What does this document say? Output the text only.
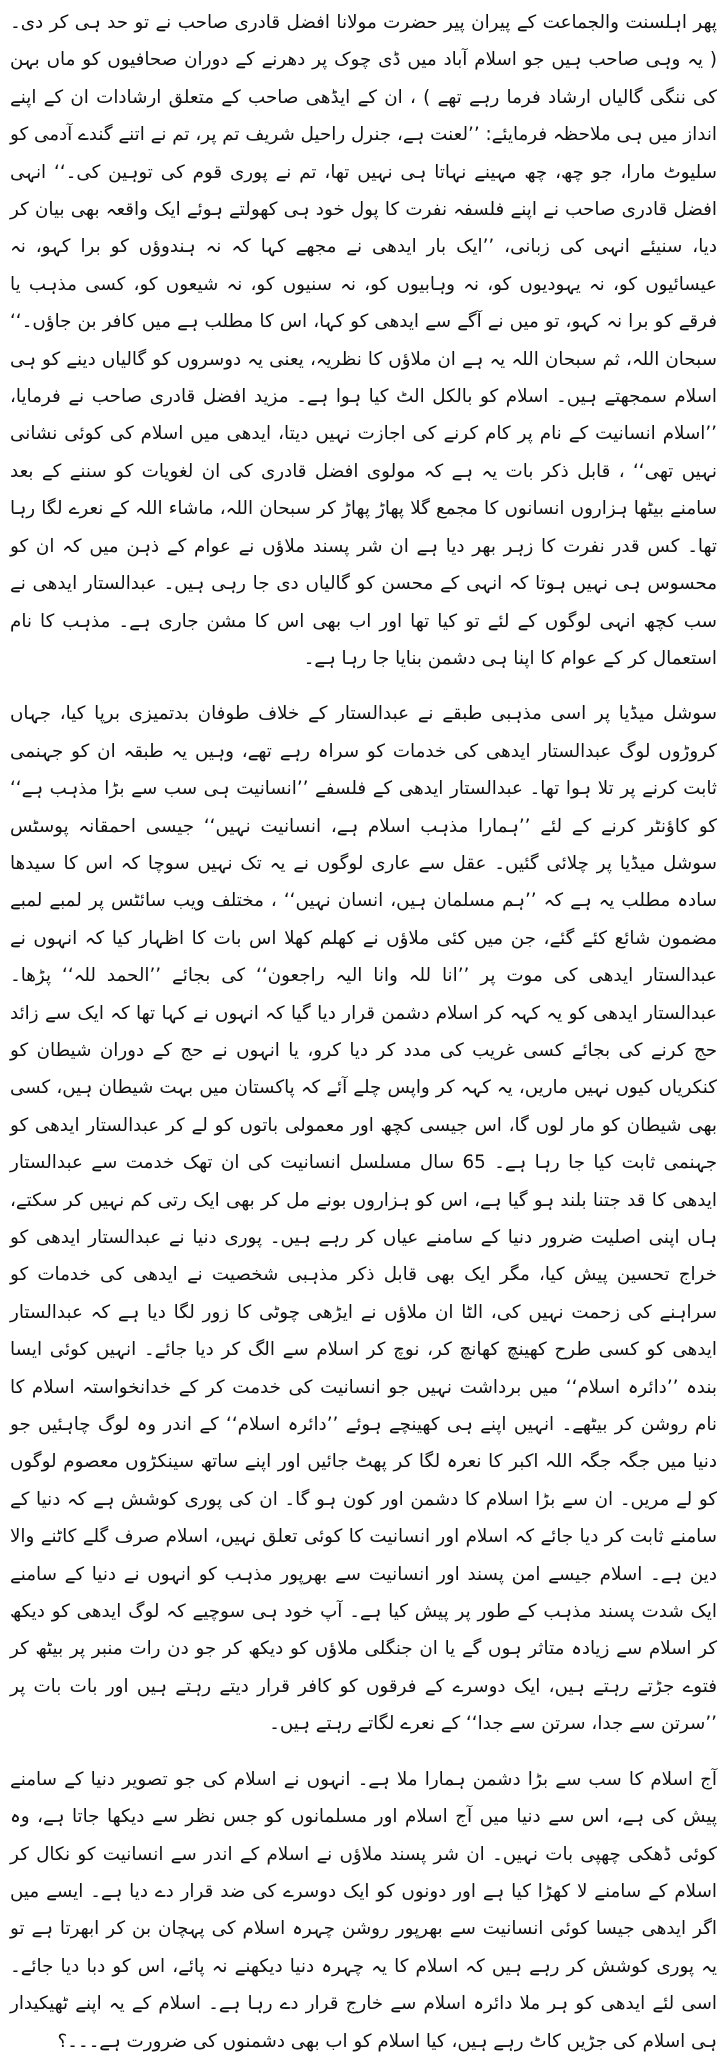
پھر اہلسنت والجماعت کے پیران پیر حضرت مولانا افضل قادری صاحب نے تو حد ہی کر دی۔ ( یہ وہی صاحب ہیں جو اسلام آباد میں ڈی چوک پر دھرنے کے دوران صحافیوں کو ماں بہن کی ننگی گالیاں ارشاد فرما رہے تھے ) ، ان کے ایڈھی صاحب کے متعلق ارشادات ان کے اپنے انداز میں ہی ملاحظہ فرمایئے: ’’لعنت ہے، جنرل راحیل شریف تم پر، تم نے اتنے گندے آدمی کو سلیوٹ مارا، جو چھ، چھ مہینے نہاتا ہی نہیں تھا، تم نے پوری قوم کی توہین کی۔‘‘ انہی افضل قادری صاحب نے اپنے فلسفہ نفرت کا پول خود ہی کھولتے ہوئے ایک واقعہ بھی بیان کر دیا، سنیئے انہی کی زبانی، ’’ایک بار ایدھی نے مجھے کہا کہ نہ ہندوؤں کو برا کہو، نہ عیسائیوں کو، نہ یہودیوں کو، نہ وہابیوں کو، نہ سنیوں کو، نہ شیعوں کو، کسی مذہب یا فرقے کو برا نہ کہو، تو میں نے آگے سے ایدھی کو کہا، اس کا مطلب ہے میں کافر بن جاؤں۔‘‘ سبحان اللہ، ثم سبحان اللہ یہ ہے ان ملاؤں کا نظریہ، یعنی یہ دوسروں کو گالیاں دینے کو ہی اسلام سمجھتے ہیں۔ اسلام کو بالکل الٹ کیا ہوا ہے۔ مزید افضل قادری صاحب نے فرمایا، ’’اسلام انسانیت کے نام پر کام کرنے کی اجازت نہیں دیتا، ایدھی میں اسلام کی کوئی نشانی نہیں تھی‘‘ ، قابل ذکر بات یہ ہے کہ مولوی افضل قادری کی ان لغویات کو سننے کے بعد سامنے بیٹھا ہزاروں انسانوں کا مجمع گلا پھاڑ پھاڑ کر سبحان اللہ، ماشاء اللہ کے نعرے لگا رہا تھا۔ کس قدر نفرت کا زہر بھر دیا ہے ان شر پسند ملاؤں نے عوام کے ذہن میں کہ ان کو محسوس ہی نہیں ہوتا کہ انہی کے محسن کو گالیاں دی جا رہی ہیں۔ عبدالستار ایدھی نے سب کچھ انہی لوگوں کے لئے تو کیا تھا اور اب بھی اس کا مشن جاری ہے۔ مذہب کا نام استعمال کر کے عوام کا اپنا ہی دشمن بنایا جا رہا ہے۔

سوشل میڈیا پر اسی مذہبی طبقے نے عبدالستار کے خلاف طوفان بدتمیزی برپا کیا، جہاں کروڑوں لوگ عبدالستار ایدھی کی خدمات کو سراہ رہے تھے، وہیں یہ طبقہ ان کو جہنمی ثابت کرنے پر تلا ہوا تھا۔ عبدالستار ایدھی کے فلسفے ’’انسانیت ہی سب سے بڑا مذہب ہے‘‘ کو کاؤنٹر کرنے کے لئے ’’ہمارا مذہب اسلام ہے، انسانیت نہیں‘‘ جیسی احمقانہ پوسٹس سوشل میڈیا پر چلائی گئیں۔ عقل سے عاری لوگوں نے یہ تک نہیں سوچا کہ اس کا سیدھا سادہ مطلب یہ ہے کہ ’’ہم مسلمان ہیں، انسان نہیں‘‘ ، مختلف ویب سائٹس پر لمبے لمبے مضمون شائع کئے گئے، جن میں کئی ملاؤں نے کھلم کھلا اس بات کا اظہار کیا کہ انہوں نے عبدالستار ایدھی کی موت پر ’’انا للہ وانا الیہ راجعون‘‘ کی بجائے ’’الحمد للہ‘‘ پڑھا۔ عبدالستار ایدھی کو یہ کہہ کر اسلام دشمن قرار دیا گیا کہ انہوں نے کہا تھا کہ ایک سے زائد حج کرنے کی بجائے کسی غریب کی مدد کر دیا کرو، یا انہوں نے حج کے دوران شیطان کو کنکریاں کیوں نہیں ماریں، یہ کہہ کر واپس چلے آئے کہ پاکستان میں بہت شیطان ہیں، کسی بھی شیطان کو مار لوں گا، اس جیسی کچھ اور معمولی باتوں کو لے کر عبدالستار ایدھی کو جہنمی ثابت کیا جا رہا ہے۔ 65 سال مسلسل انسانیت کی ان تھک خدمت سے عبدالستار ایدھی کا قد جتنا بلند ہو گیا ہے، اس کو ہزاروں بونے مل کر بھی ایک رتی کم نہیں کر سکتے، ہاں اپنی اصلیت ضرور دنیا کے سامنے عیاں کر رہے ہیں۔ پوری دنیا نے عبدالستار ایدھی کو خراج تحسین پیش کیا، مگر ایک بھی قابل ذکر مذہبی شخصیت نے ایدھی کی خدمات کو سراہنے کی زحمت نہیں کی، الٹا ان ملاؤں نے ایڑھی چوٹی کا زور لگا دیا ہے کہ عبدالستار ایدھی کو کسی طرح کھینچ کھانچ کر، نوچ کر اسلام سے الگ کر دیا جائے۔ انہیں کوئی ایسا بندہ ’’دائرہ اسلام‘‘ میں برداشت نہیں جو انسانیت کی خدمت کر کے خدانخواستہ اسلام کا نام روشن کر بیٹھے۔ انہیں اپنے ہی کھینچے ہوئے ’’دائرہ اسلام‘‘ کے اندر وہ لوگ چاہئیں جو دنیا میں جگہ جگہ اللہ اکبر کا نعرہ لگا کر پھٹ جائیں اور اپنے ساتھ سینکڑوں معصوم لوگوں کو لے مریں۔ ان سے بڑا اسلام کا دشمن اور کون ہو گا۔ ان کی پوری کوشش ہے کہ دنیا کے سامنے ثابت کر دیا جائے کہ اسلام اور انسانیت کا کوئی تعلق نہیں، اسلام صرف گلے کاٹنے والا دین ہے۔ اسلام جیسے امن پسند اور انسانیت سے بھرپور مذہب کو انہوں نے دنیا کے سامنے ایک شدت پسند مذہب کے طور پر پیش کیا ہے۔ آپ خود ہی سوچیے کہ لوگ ایدھی کو دیکھ کر اسلام سے زیادہ متاثر ہوں گے یا ان جنگلی ملاؤں کو دیکھ کر جو دن رات منبر پر بیٹھ کر فتوے جڑتے رہتے ہیں، ایک دوسرے کے فرقوں کو کافر قرار دیتے رہتے ہیں اور بات بات پر ’’سرتن سے جدا، سرتن سے جدا‘‘ کے نعرے لگاتے رہتے ہیں۔

آج اسلام کا سب سے بڑا دشمن ہمارا ملا ہے۔ انہوں نے اسلام کی جو تصویر دنیا کے سامنے پیش کی ہے، اس سے دنیا میں آج اسلام اور مسلمانوں کو جس نظر سے دیکھا جاتا ہے، وہ کوئی ڈھکی چھپی بات نہیں۔ ان شر پسند ملاؤں نے اسلام کے اندر سے انسانیت کو نکال کر اسلام کے سامنے لا کھڑا کیا ہے اور دونوں کو ایک دوسرے کی ضد قرار دے دیا ہے۔ ایسے میں اگر ایدھی جیسا کوئی انسانیت سے بھرپور روشن چہرہ اسلام کی پہچان بن کر ابھرتا ہے تو یہ پوری کوشش کر رہے ہیں کہ اسلام کا یہ چہرہ دنیا دیکھنے نہ پائے، اس کو دبا دیا جائے۔ اسی لئے ایدھی کو ہر ملا دائرہ اسلام سے خارج قرار دے رہا ہے۔ اسلام کے یہ اپنے ٹھیکیدار ہی اسلام کی جڑیں کاٹ رہے ہیں، کیا اسلام کو اب بھی دشمنوں کی ضرورت ہے۔۔۔؟
